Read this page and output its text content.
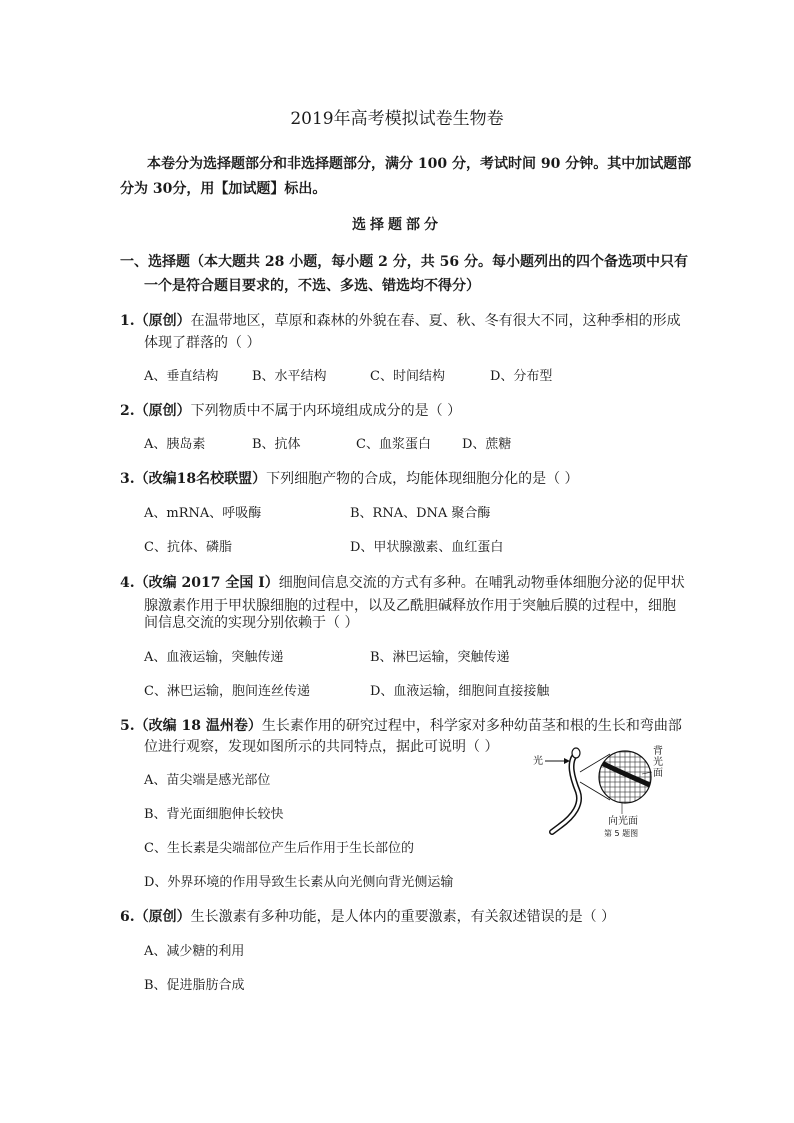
2019年高考模拟试卷生物卷
本卷分为选择题部分和非选择题部分，满分 100 分，考试时间 90 分钟。其中加试题部
分为 30分，用【加试题】标出。
选择题部分
一、选择题（本大题共 28 小题，每小题 2 分，共 56 分。每小题列出的四个备选项中只有
一个是符合题目要求的，不选、多选、错选均不得分）
1.（原创）在温带地区，草原和森林的外貌在春、夏、秋、冬有很大不同，这种季相的形成
体现了群落的（ ）
A、垂直结构	B、水平结构	C、时间结构	D、分布型
2.（原创）下列物质中不属于内环境组成成分的是（ ）
A、胰岛素	B、抗体	C、血浆蛋白 D、蔗糖
3.（改编18名校联盟）下列细胞产物的合成，均能体现细胞分化的是（ ）
A、mRNA、呼吸酶	B、RNA、DNA 聚合酶
C、抗体、磷脂	D、甲状腺激素、血红蛋白
4.（改编 2017 全国 I）细胞间信息交流的方式有多种。在哺乳动物垂体细胞分泌的促甲状
腺激素作用于甲状腺细胞的过程中，以及乙酰胆碱释放作用于突触后膜的过程中，细胞
间信息交流的实现分别依赖于（ ）
A、血液运输，突触传递	B、淋巴运输，突触传递
C、淋巴运输，胞间连丝传递	D、血液运输，细胞间直接接触
5.（改编 18 温州卷）生长素作用的研究过程中，科学家对多种幼苗茎和根的生长和弯曲部
位进行观察，发现如图所示的共同特点，据此可说明（ ）
A、苗尖端是感光部位
B、背光面细胞伸长较快
C、生长素是尖端部位产生后作用于生长部位的
D、外界环境的作用导致生长素从向光侧向背光侧运输
光
背
光
面
向光面
第 5 题图
6.（原创）生长激素有多种功能，是人体内的重要激素，有关叙述错误的是（ ）
A、减少糖的利用
B、促进脂肪合成
